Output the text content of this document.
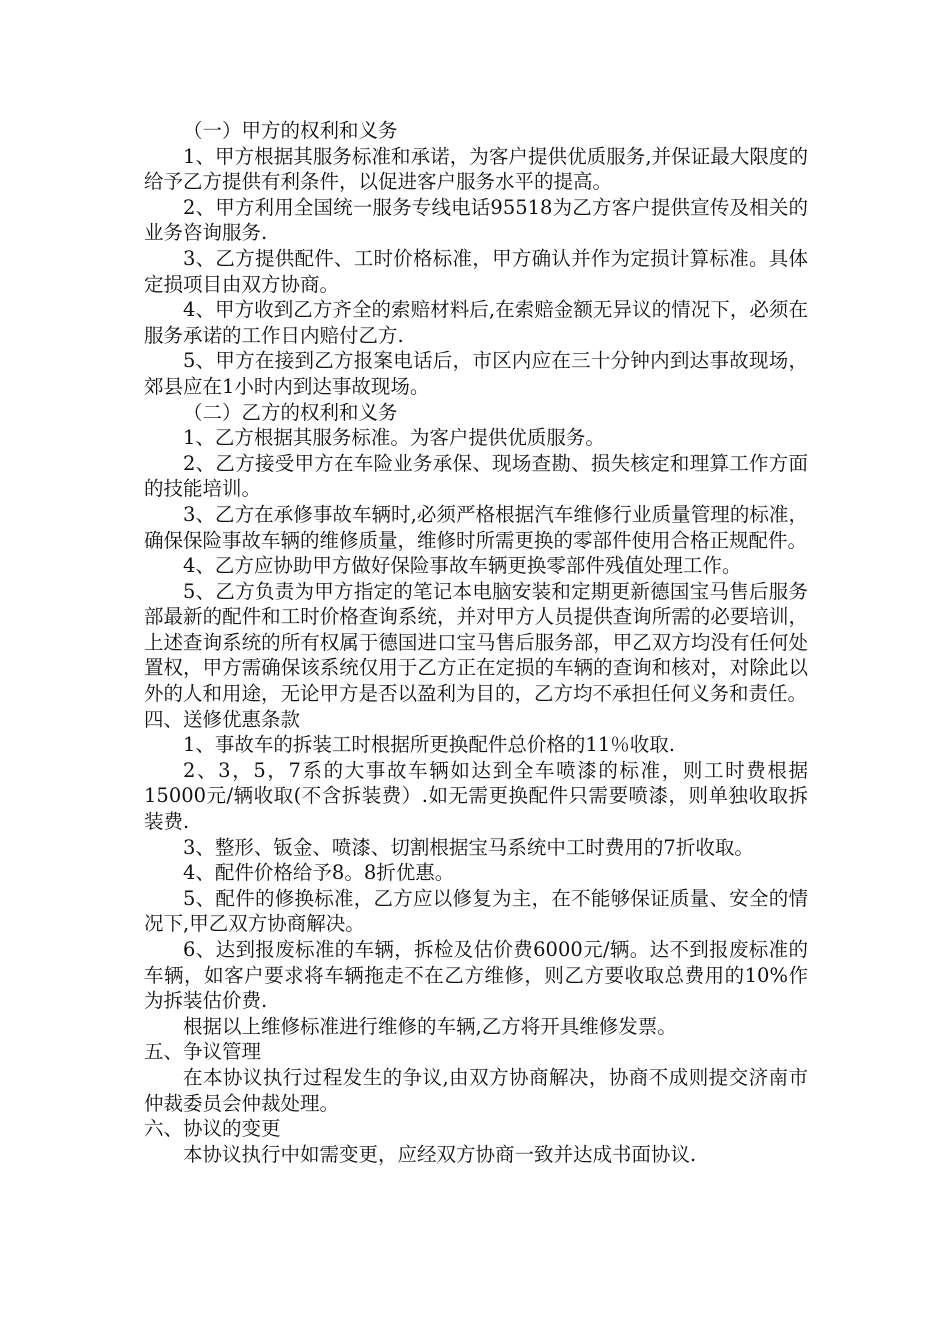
（一）甲方的权利和义务

1、甲方根据其服务标准和承诺，为客户提供优质服务,并保证最大限度的给予乙方提供有利条件，以促进客户服务水平的提高。

2、甲方利用全国统一服务专线电话95518为乙方客户提供宣传及相关的业务咨询服务.

3、乙方提供配件、工时价格标准，甲方确认并作为定损计算标准。具体定损项目由双方协商。

4、甲方收到乙方齐全的索赔材料后,在索赔金额无异议的情况下，必须在服务承诺的工作日内赔付乙方.

5、甲方在接到乙方报案电话后，市区内应在三十分钟内到达事故现场，郊县应在1小时内到达事故现场。

（二）乙方的权利和义务

1、乙方根据其服务标准。为客户提供优质服务。

2、乙方接受甲方在车险业务承保、现场查勘、损失核定和理算工作方面的技能培训。

3、乙方在承修事故车辆时,必须严格根据汽车维修行业质量管理的标准，确保保险事故车辆的维修质量，维修时所需更换的零部件使用合格正规配件。

4、乙方应协助甲方做好保险事故车辆更换零部件残值处理工作。

5、乙方负责为甲方指定的笔记本电脑安装和定期更新德国宝马售后服务部最新的配件和工时价格查询系统，并对甲方人员提供查询所需的必要培训，上述查询系统的所有权属于德国进口宝马售后服务部，甲乙双方均没有任何处置权，甲方需确保该系统仅用于乙方正在定损的车辆的查询和核对，对除此以外的人和用途，无论甲方是否以盈利为目的，乙方均不承担任何义务和责任。

四、送修优惠条款

1、事故车的拆装工时根据所更换配件总价格的11％收取.

2、3，5，7系的大事故车辆如达到全车喷漆的标准，则工时费根据15000元/辆收取(不含拆装费）.如无需更换配件只需要喷漆，则单独收取拆装费.

3、整形、钣金、喷漆、切割根据宝马系统中工时费用的7折收取。

4、配件价格给予8。8折优惠。

5、配件的修换标准，乙方应以修复为主，在不能够保证质量、安全的情况下,甲乙双方协商解决。

6、达到报废标准的车辆，拆检及估价费6000元/辆。达不到报废标准的车辆，如客户要求将车辆拖走不在乙方维修，则乙方要收取总费用的10%作为拆装估价费.

根据以上维修标准进行维修的车辆,乙方将开具维修发票。

五、争议管理

在本协议执行过程发生的争议,由双方协商解决，协商不成则提交济南市仲裁委员会仲裁处理。

六、协议的变更

本协议执行中如需变更，应经双方协商一致并达成书面协议.
